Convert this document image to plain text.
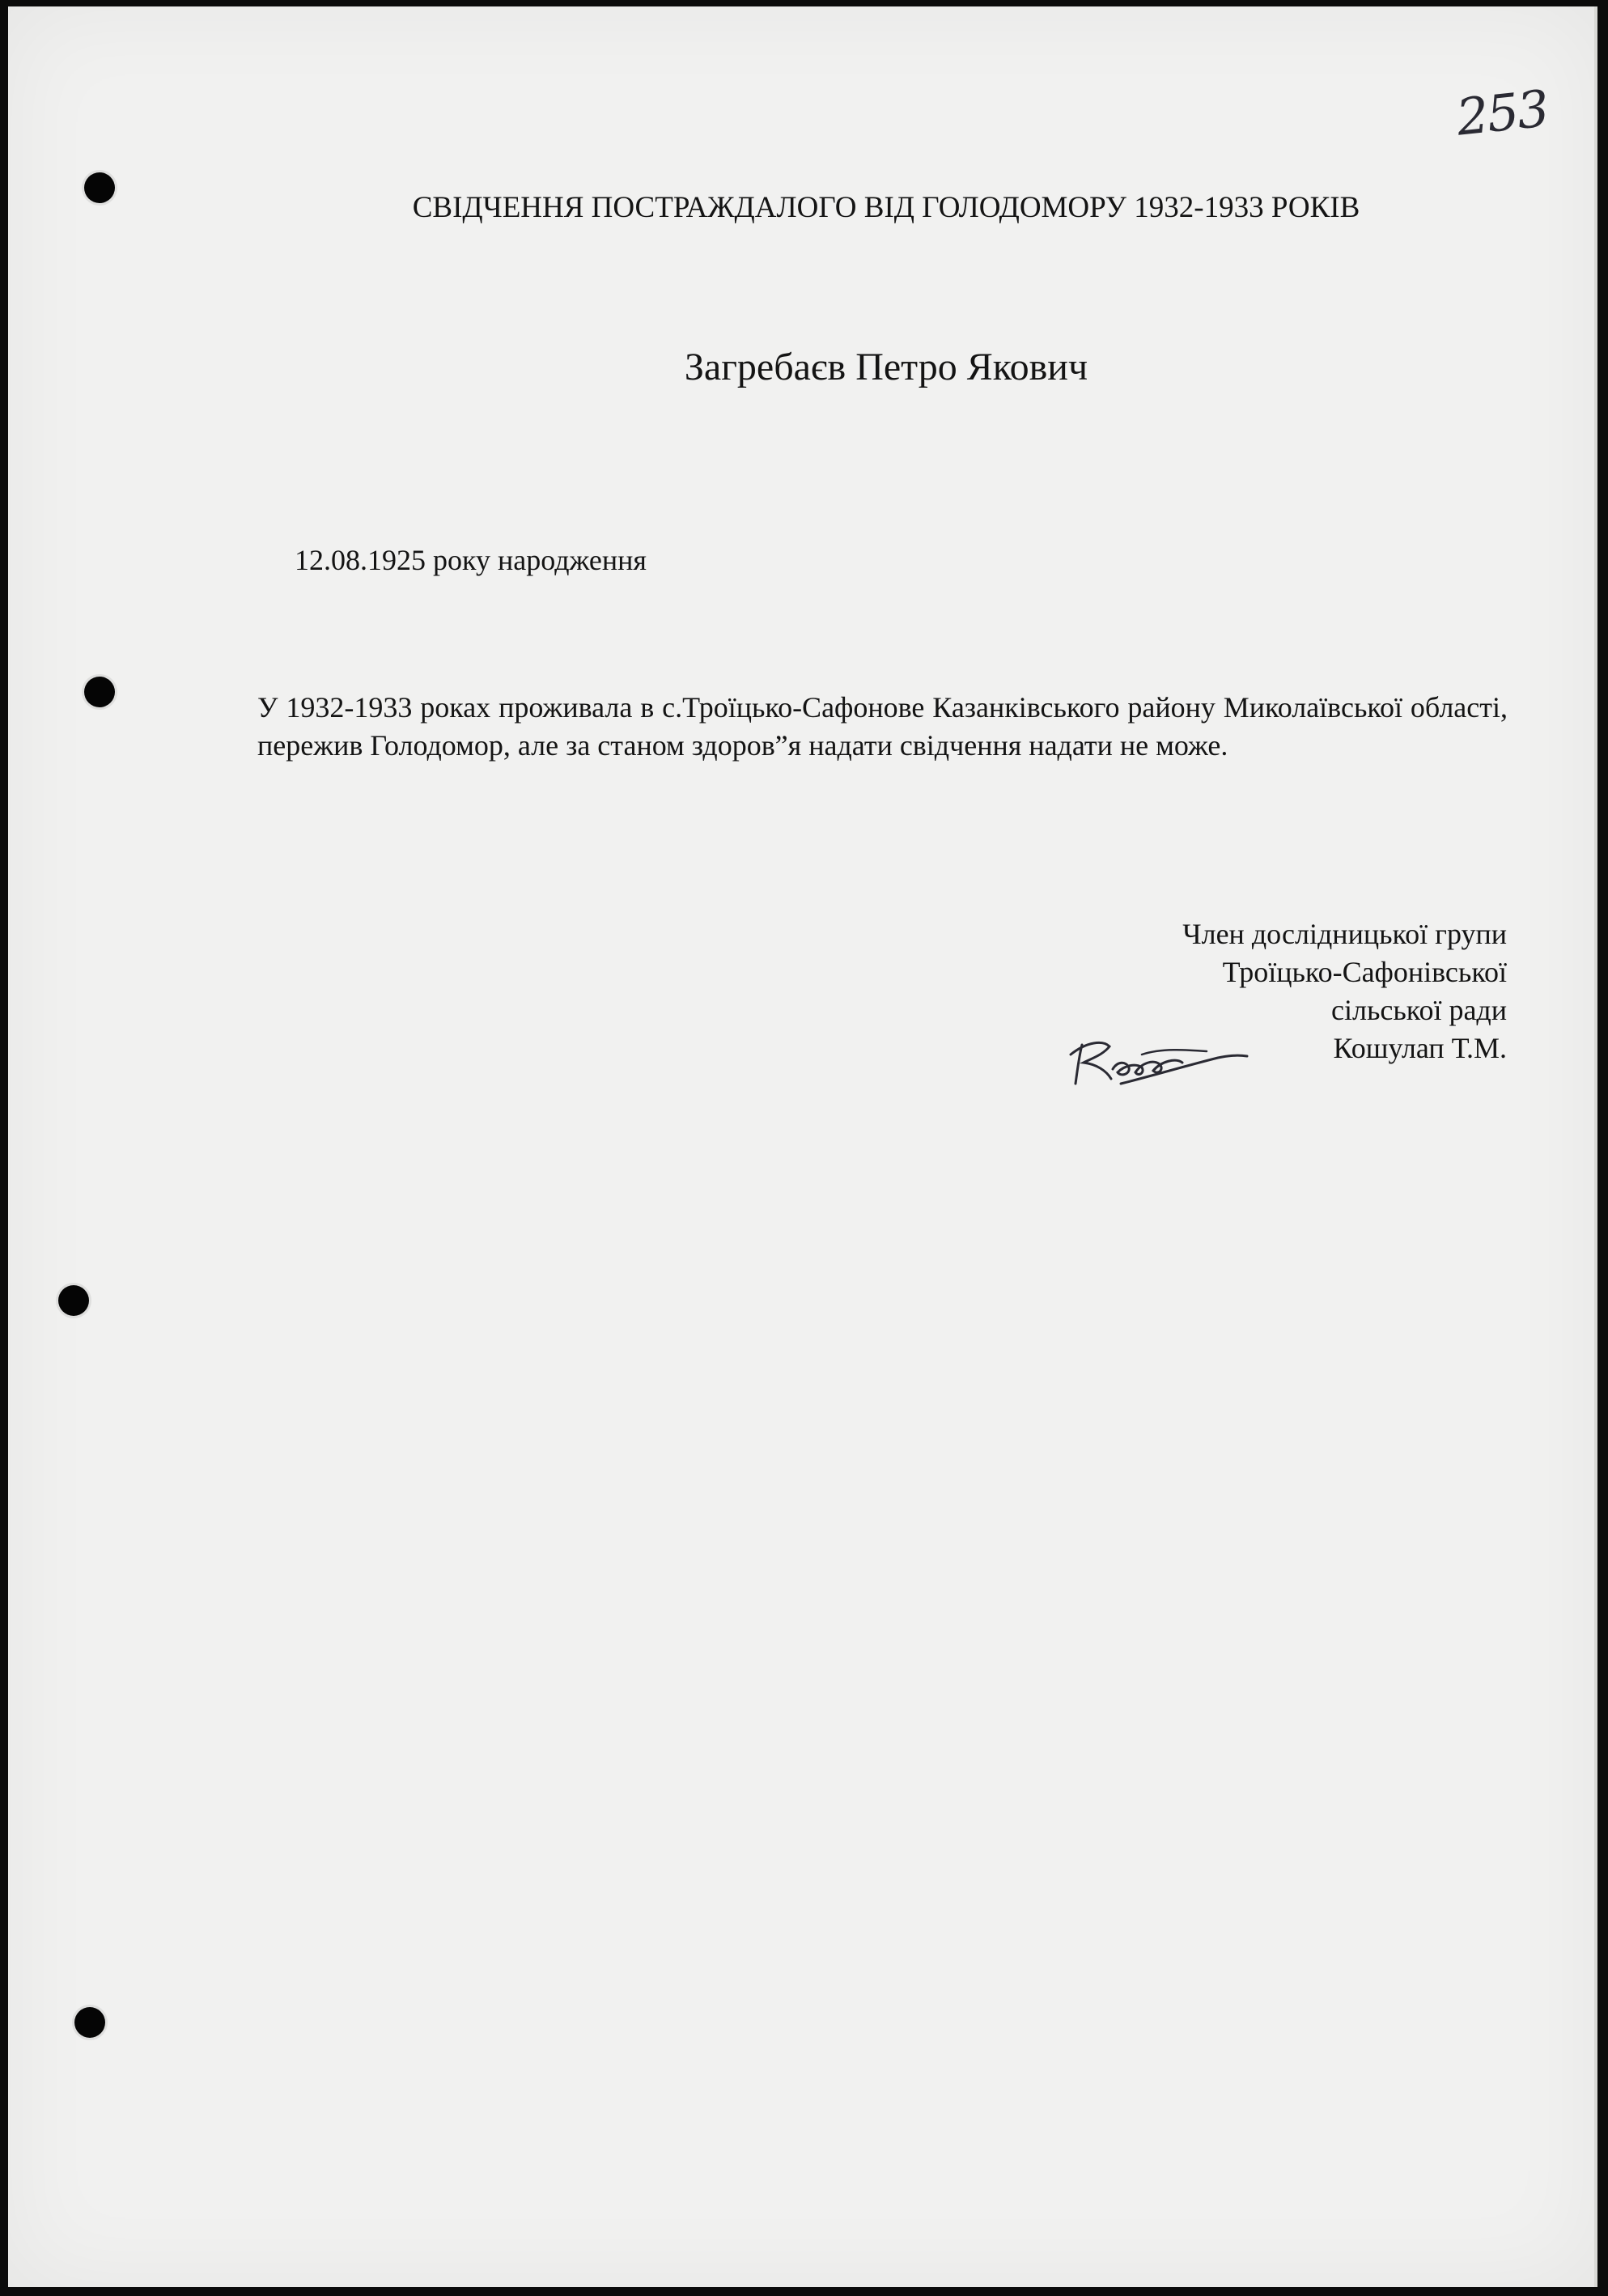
253
СВІДЧЕННЯ ПОСТРАЖДАЛОГО ВІД ГОЛОДОМОРУ 1932-1933 РОКІВ
Загребаєв Петро Якович
12.08.1925 року народження

У 1932-1933 роках проживала в с.Троїцько-Сафонове Казанківського району Миколаївської області, пережив Голодомор, але за станом здоров”я надати свідчення надати не може.

Член дослідницької групи
Троїцько-Сафонівської
сільської ради
Кошулап Т.М.
